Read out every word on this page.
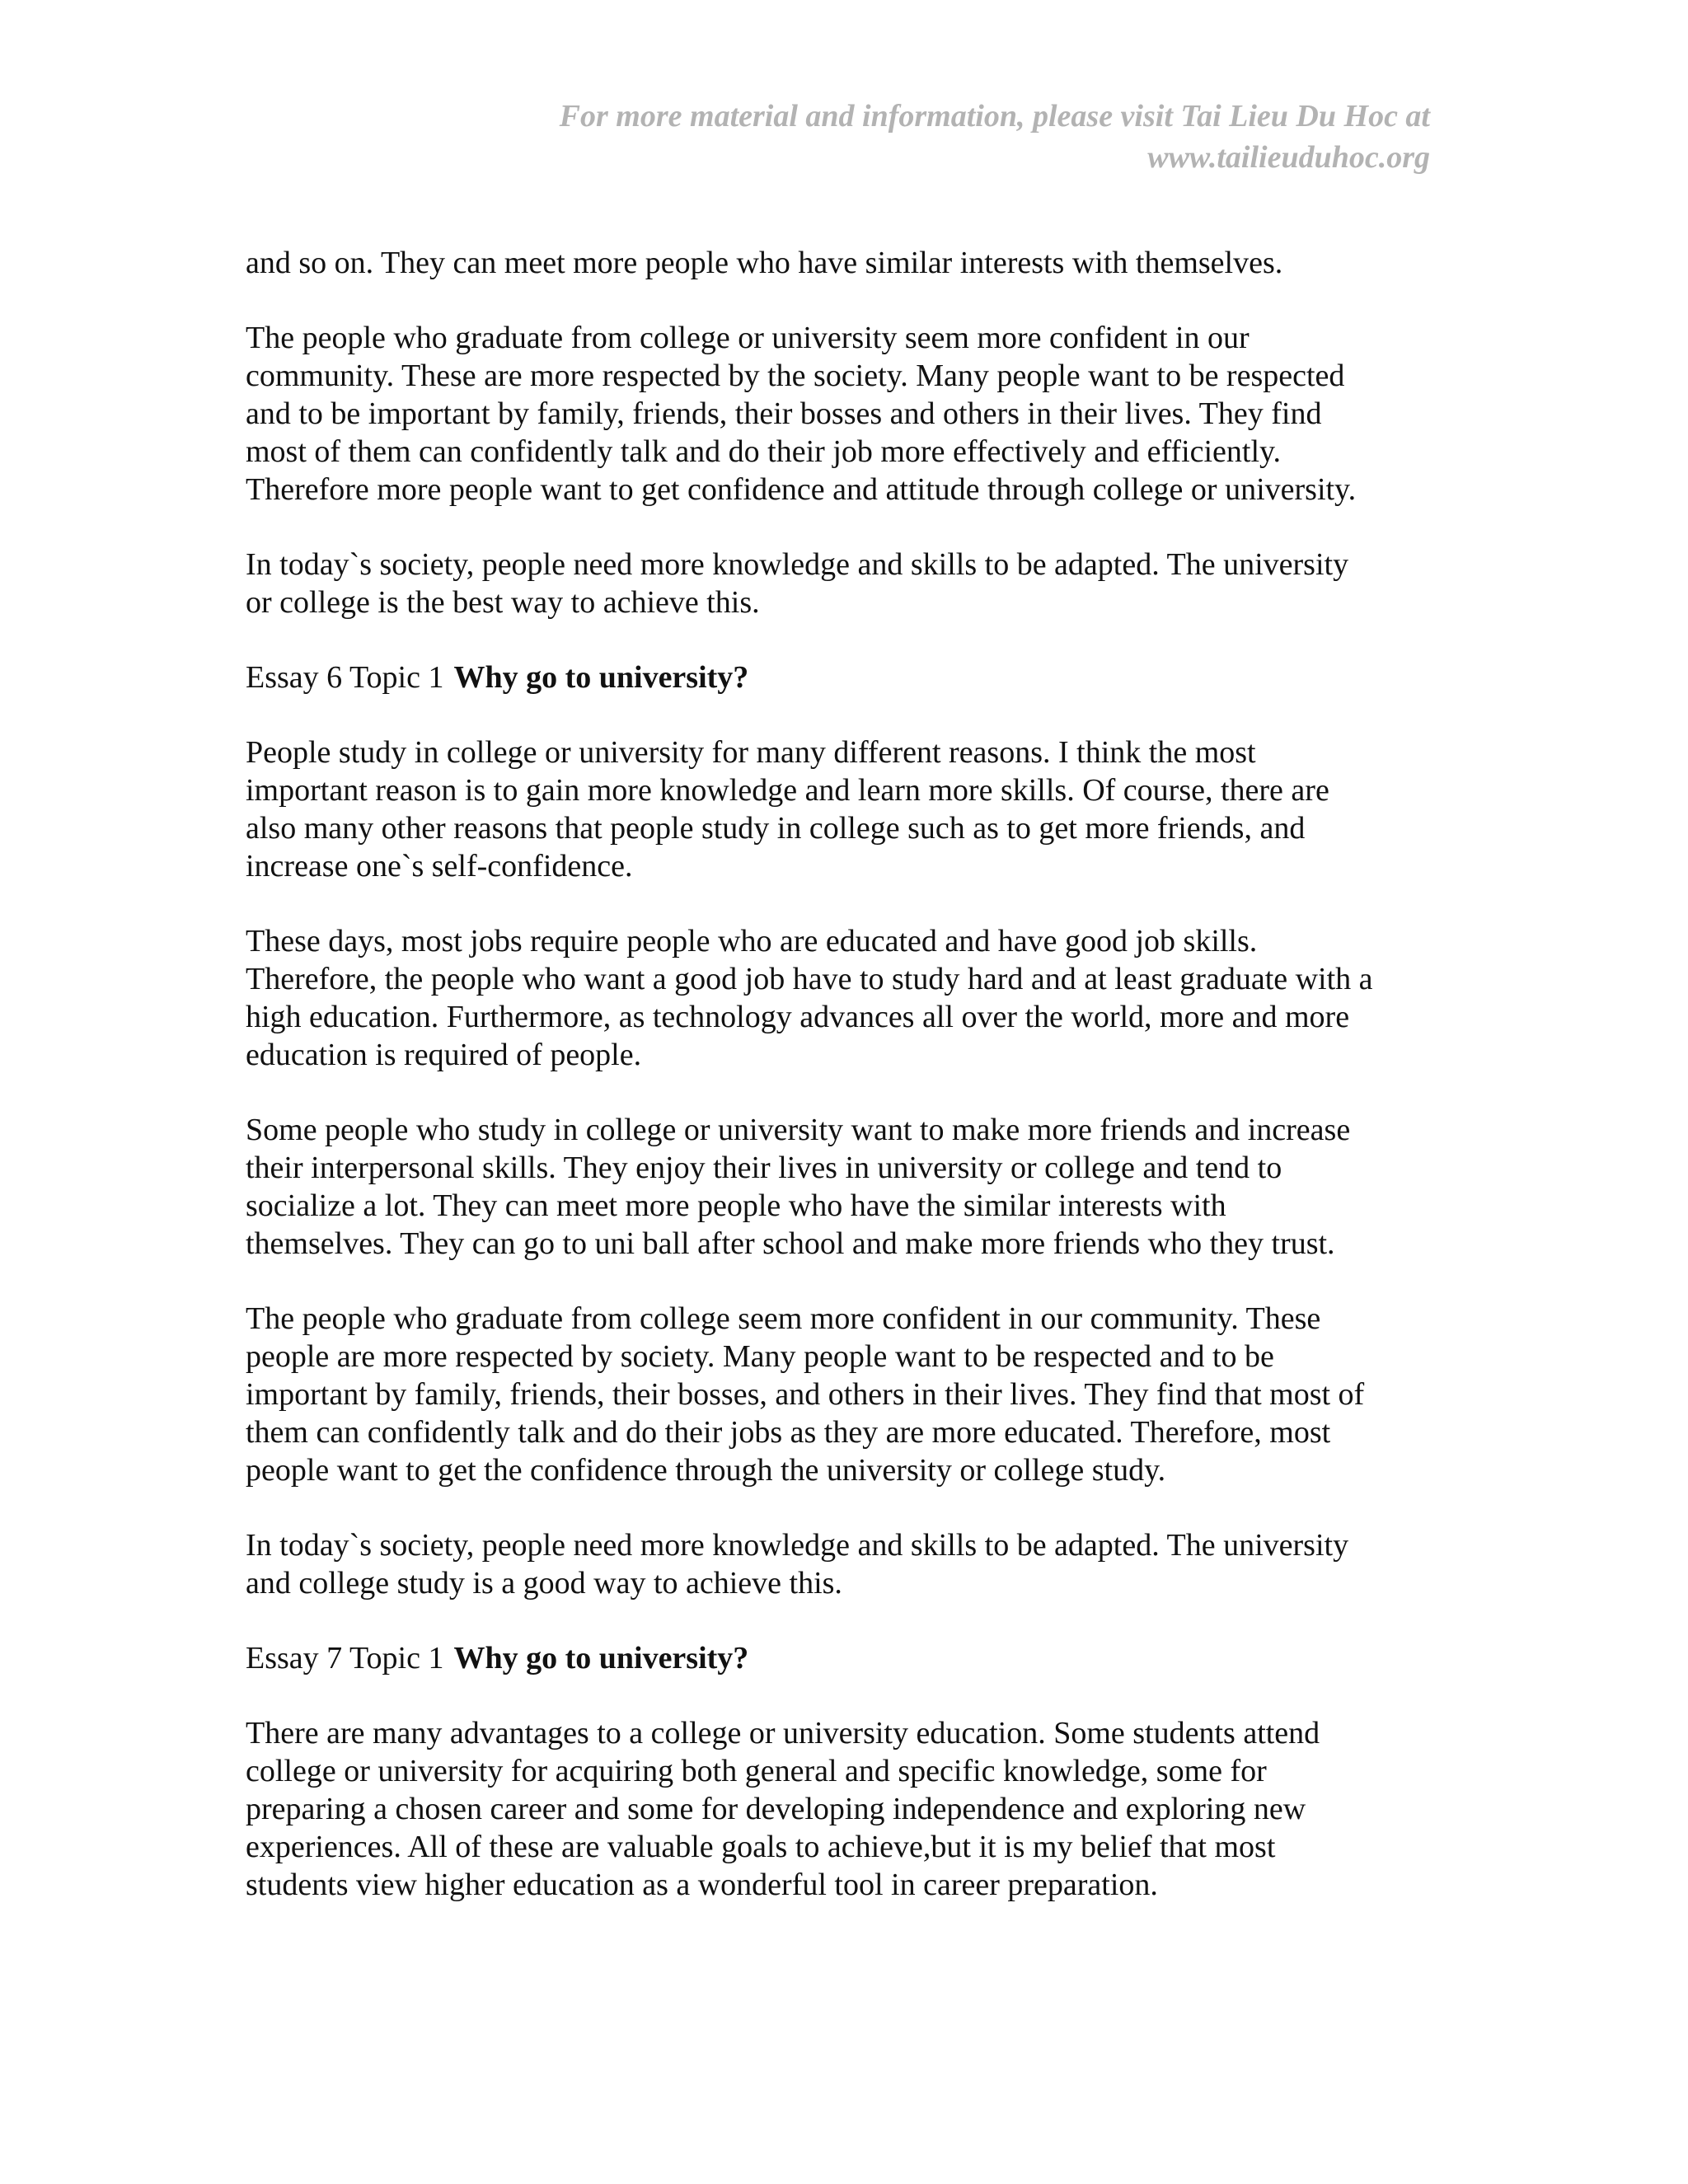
For more material and information, please visit Tai Lieu Du Hoc at
www.tailieuduhoc.org

and so on. They can meet more people who have similar interests with themselves.

The people who graduate from college or university seem more confident in our
community. These are more respected by the society. Many people want to be respected
and to be important by family, friends, their bosses and others in their lives. They find
most of them can confidently talk and do their job more effectively and efficiently.
Therefore more people want to get confidence and attitude through college or university.

In today`s society, people need more knowledge and skills to be adapted. The university
or college is the best way to achieve this.

Essay 6 Topic 1 Why go to university?

People study in college or university for many different reasons. I think the most
important reason is to gain more knowledge and learn more skills. Of course, there are
also many other reasons that people study in college such as to get more friends, and
increase one`s self-confidence.

These days, most jobs require people who are educated and have good job skills.
Therefore, the people who want a good job have to study hard and at least graduate with a
high education. Furthermore, as technology advances all over the world, more and more
education is required of people.

Some people who study in college or university want to make more friends and increase
their interpersonal skills. They enjoy their lives in university or college and tend to
socialize a lot. They can meet more people who have the similar interests with
themselves. They can go to uni ball after school and make more friends who they trust.

The people who graduate from college seem more confident in our community. These
people are more respected by society. Many people want to be respected and to be
important by family, friends, their bosses, and others in their lives. They find that most of
them can confidently talk and do their jobs as they are more educated. Therefore, most
people want to get the confidence through the university or college study.

In today`s society, people need more knowledge and skills to be adapted. The university
and college study is a good way to achieve this.

Essay 7 Topic 1 Why go to university?

There are many advantages to a college or university education. Some students attend
college or university for acquiring both general and specific knowledge, some for
preparing a chosen career and some for developing independence and exploring new
experiences. All of these are valuable goals to achieve,but it is my belief that most
students view higher education as a wonderful tool in career preparation.
